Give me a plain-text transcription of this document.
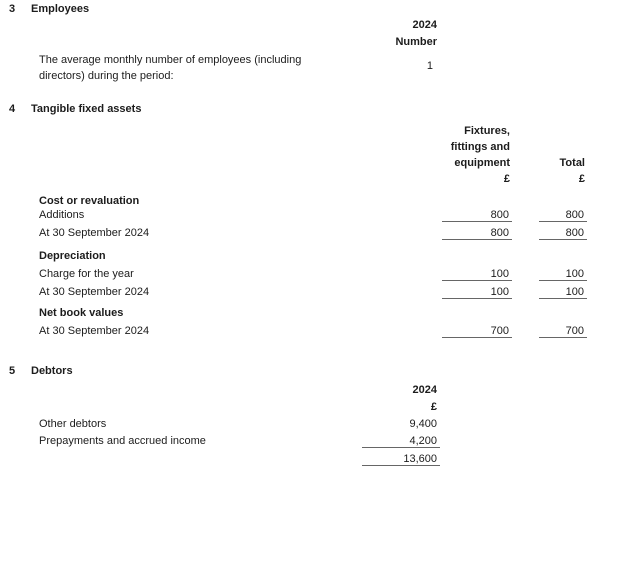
3 Employees
2024
Number
The average monthly number of employees (including
directors) during the period:
1
4 Tangible fixed assets
Fixtures,
fittings and
equipment
£
Total
£
Cost or revaluation
Additions	800	800
At 30 September 2024	800	800
Depreciation
Charge for the year	100	100
At 30 September 2024	100	100
Net book values
At 30 September 2024	700	700
5 Debtors
2024
£
Other debtors	9,400
Prepayments and accrued income	4,200
13,600
